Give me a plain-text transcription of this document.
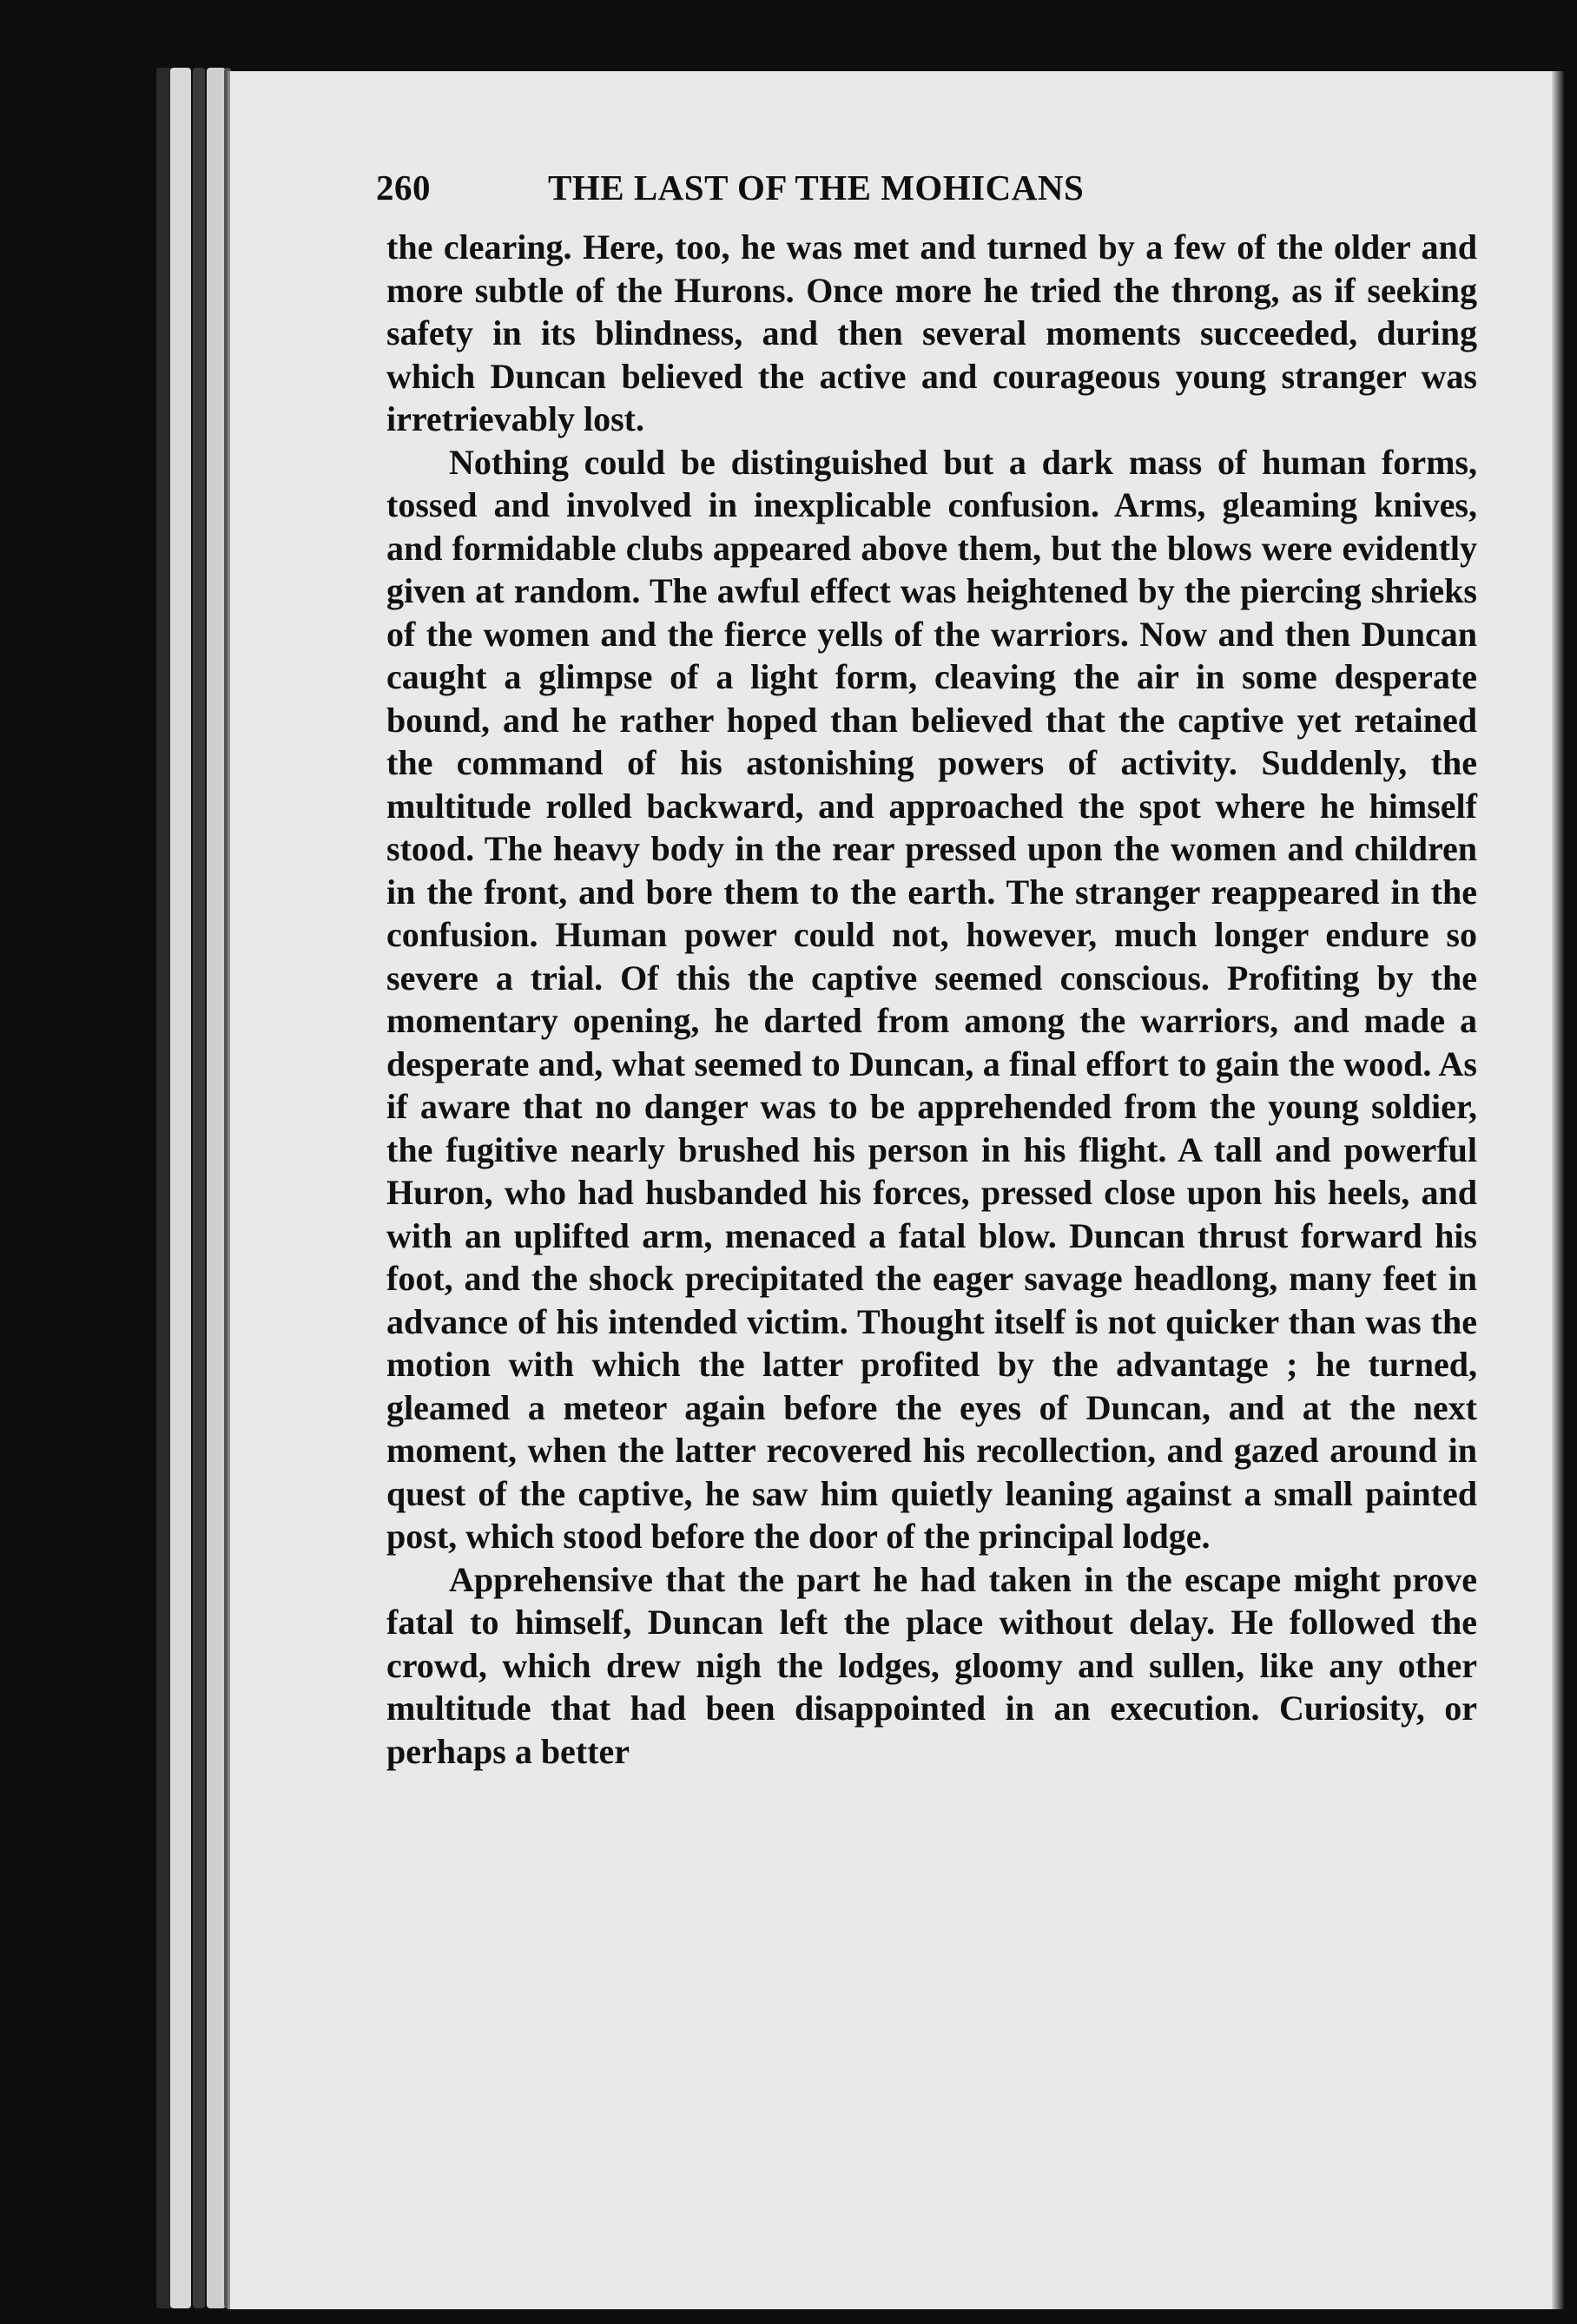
260	THE LAST OF THE MOHICANS

the clearing. Here, too, he was met and turned by a few of the older and more subtle of the Hurons. Once more he tried the throng, as if seeking safety in its blindness, and then several moments succeeded, during which Duncan believed the active and courageous young stranger was irretrievably lost.

Nothing could be distinguished but a dark mass of human forms, tossed and involved in inexplicable confusion. Arms, gleaming knives, and formidable clubs appeared above them, but the blows were evidently given at random. The awful effect was heightened by the piercing shrieks of the women and the fierce yells of the warriors. Now and then Duncan caught a glimpse of a light form, cleaving the air in some desperate bound, and he rather hoped than believed that the captive yet retained the command of his astonishing powers of activity. Suddenly, the multitude rolled backward, and approached the spot where he himself stood. The heavy body in the rear pressed upon the women and children in the front, and bore them to the earth. The stranger reappeared in the confusion. Human power could not, however, much longer endure so severe a trial. Of this the captive seemed conscious. Profiting by the momentary opening, he darted from among the warriors, and made a desperate and, what seemed to Duncan, a final effort to gain the wood. As if aware that no danger was to be apprehended from the young soldier, the fugitive nearly brushed his person in his flight. A tall and powerful Huron, who had husbanded his forces, pressed close upon his heels, and with an uplifted arm, menaced a fatal blow. Duncan thrust forward his foot, and the shock precipitated the eager savage headlong, many feet in advance of his intended victim. Thought itself is not quicker than was the motion with which the latter profited by the advantage ; he turned, gleamed a meteor again before the eyes of Duncan, and at the next moment, when the latter recovered his recollection, and gazed around in quest of the captive, he saw him quietly leaning against a small painted post, which stood before the door of the principal lodge.

Apprehensive that the part he had taken in the escape might prove fatal to himself, Duncan left the place without delay. He followed the crowd, which drew nigh the lodges, gloomy and sullen, like any other multitude that had been disappointed in an execution. Curiosity, or perhaps a better
